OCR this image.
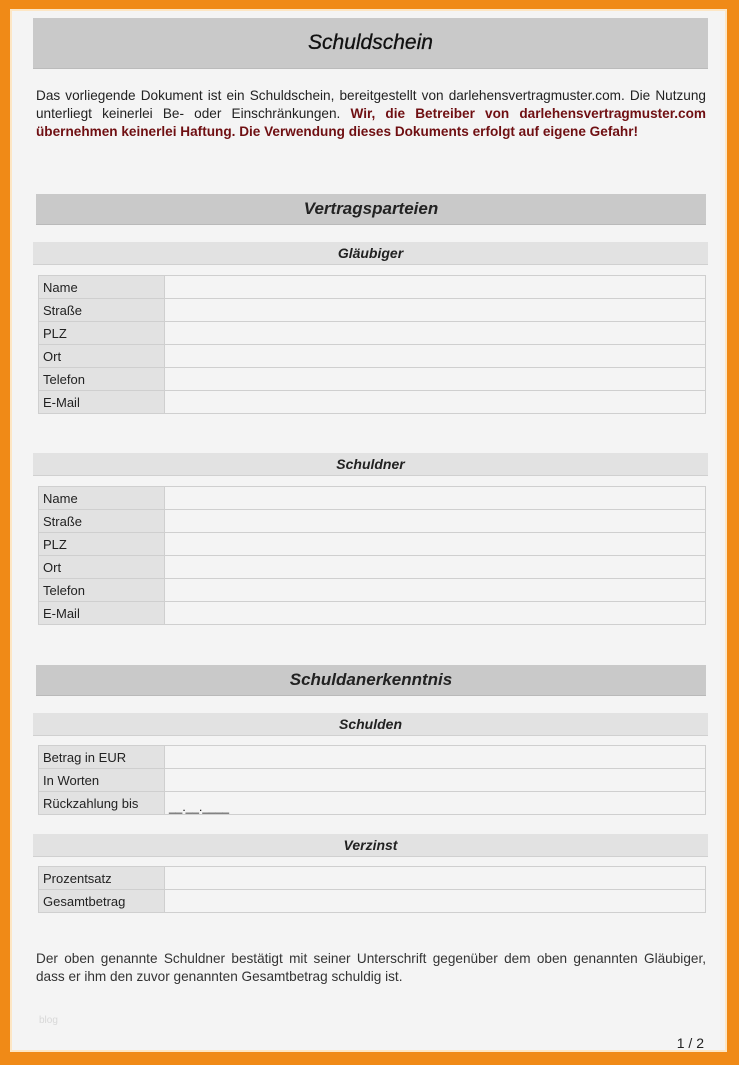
Schuldschein
Das vorliegende Dokument ist ein Schuldschein, bereitgestellt von darlehensvertragmuster.com. Die Nutzung unterliegt keinerlei Be- oder Einschränkungen. Wir, die Betreiber von darlehensvertragmuster.com übernehmen keinerlei Haftung. Die Verwendung dieses Dokuments erfolgt auf eigene Gefahr!
Vertragsparteien
Gläubiger
Name	
Straße	
PLZ	
Ort	
Telefon	
E-Mail	
Schuldner
Name	
Straße	
PLZ	
Ort	
Telefon	
E-Mail	
Schuldanerkenntnis
Schulden
Betrag in EUR	
In Worten	
Rückzahlung bis	__.__.____
Verzinst
Prozentsatz	
Gesamtbetrag	
Der oben genannte Schuldner bestätigt mit seiner Unterschrift gegenüber dem oben genannten Gläubiger, dass er ihm den zuvor genannten Gesamtbetrag schuldig ist.
blog
1 / 2
